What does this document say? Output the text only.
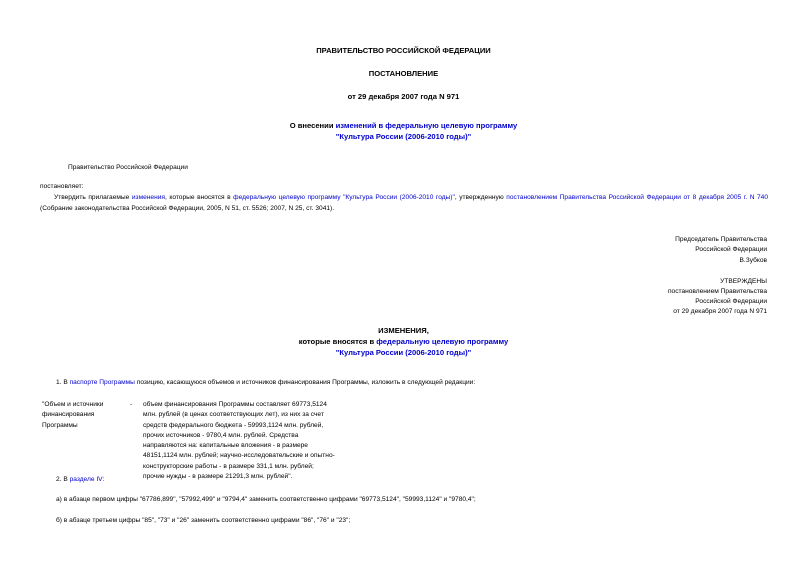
ПРАВИТЕЛЬСТВО РОССИЙСКОЙ ФЕДЕРАЦИИ
ПОСТАНОВЛЕНИЕ
от 29 декабря 2007 года N 971
О внесении изменений в федеральную целевую программу
"Культура России (2006-2010 годы)"
Правительство Российской Федерации
постановляет:
Утвердить прилагаемые изменения, которые вносятся в федеральную целевую программу "Культура России (2006-2010 годы)", утвержденную постановлением Правительства Российской Федерации от 8 декабря 2005 г. N 740 (Собрание законодательства Российской Федерации, 2005, N 51, ст. 5526; 2007, N 25, ст. 3041).
Председатель Правительства
Российской Федерации
В.Зубков
УТВЕРЖДЕНЫ
постановлением Правительства
Российской Федерации
от 29 декабря 2007 года N 971
ИЗМЕНЕНИЯ,
которые вносятся в федеральную целевую программу
"Культура России (2006-2010 годы)"
1. В паспорте Программы позицию, касающуюся объемов и источников финансирования Программы, изложить в следующей редакции:
"Объем и источники
финансирования
Программы
- объем финансирования Программы составляет 69773,5124
млн. рублей (в ценах соответствующих лет), из них за счет
средств федерального бюджета - 59993,1124 млн. рублей,
прочих источников - 9780,4 млн. рублей. Средства
направляются на: капитальные вложения - в размере
48151,1124 млн. рублей; научно-исследовательские и опытно-
конструкторские работы - в размере 331,1 млн. рублей;
прочие нужды - в размере 21291,3 млн. рублей".
2. В разделе IV:
а) в абзаце первом цифры "67786,899", "57992,499" и "9794,4" заменить соответственно цифрами "69773,5124", "59993,1124" и "9780,4";
б) в абзаце третьем цифры "85", "73" и "26" заменить соответственно цифрами "86", "76" и "23";
